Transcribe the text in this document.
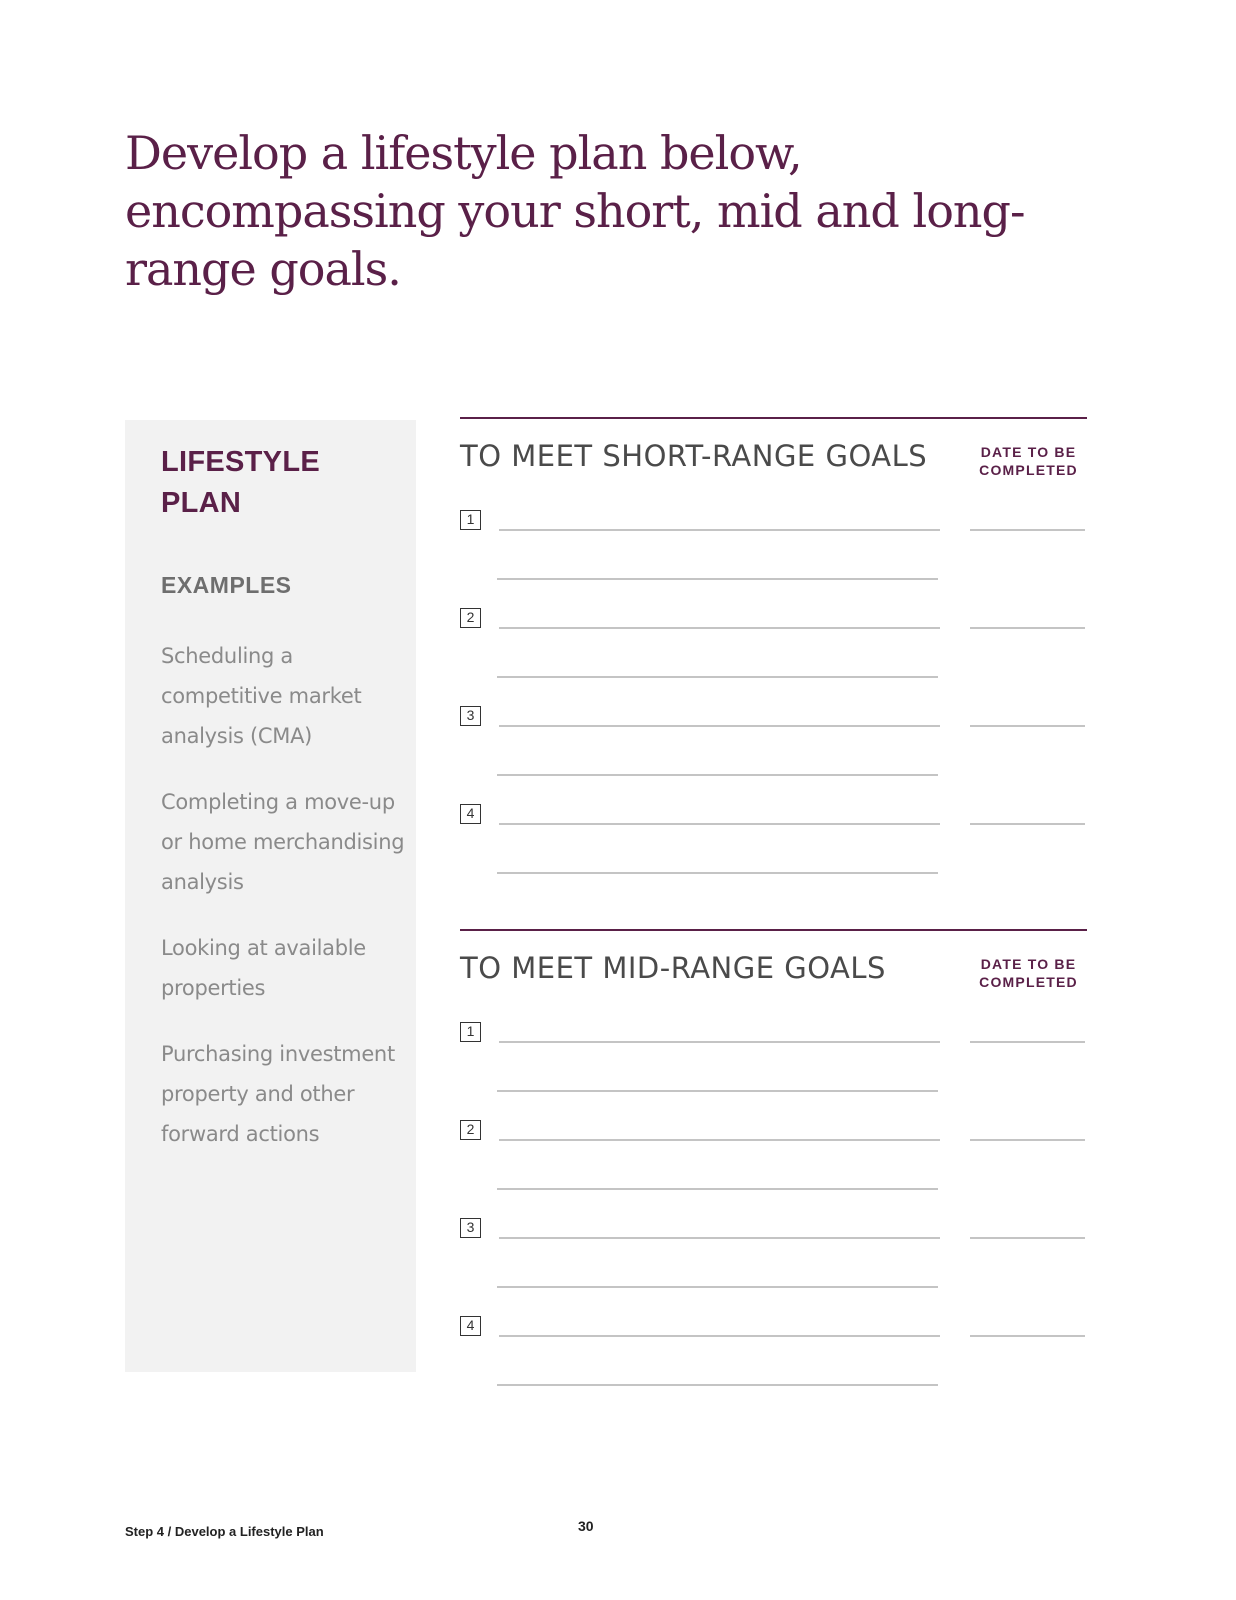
Develop a lifestyle plan below, encompassing your short, mid and long-range goals.
LIFESTYLE
PLAN
EXAMPLES
Scheduling a competitive market analysis (CMA)
Completing a move-up or home merchandising analysis
Looking at available properties
Purchasing investment property and other forward actions
TO MEET SHORT-RANGE GOALS	DATE TO BE
COMPLETED
1
2
3
4
TO MEET MID-RANGE GOALS	DATE TO BE
COMPLETED
1
2
3
4
Step 4 / Develop a Lifestyle Plan	30
